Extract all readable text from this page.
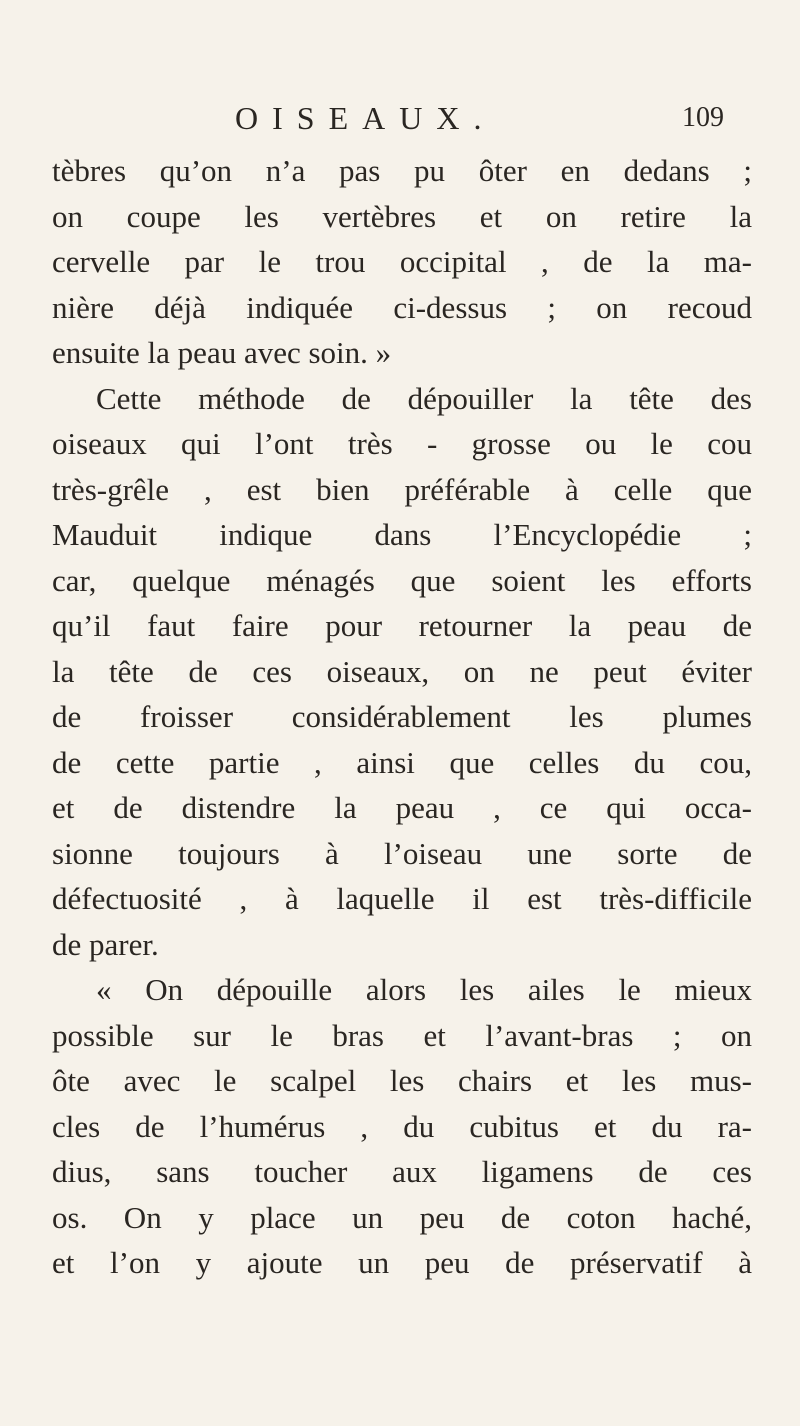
OISEAUX.	109
tèbres qu’on n’a pas pu ôter en dedans ;
on coupe les vertèbres et on retire la
cervelle par le trou occipital , de la ma-
nière déjà indiquée ci-dessus ; on recoud
ensuite la peau avec soin. »
Cette méthode de dépouiller la tête des
oiseaux qui l’ont très - grosse ou le cou
très-grêle , est bien préférable à celle que
Mauduit indique dans l’Encyclopédie ;
car, quelque ménagés que soient les efforts
qu’il faut faire pour retourner la peau de
la tête de ces oiseaux, on ne peut éviter
de froisser considérablement les plumes
de cette partie , ainsi que celles du cou,
et de distendre la peau , ce qui occa-
sionne toujours à l’oiseau une sorte de
défectuosité , à laquelle il est très-difficile
de parer.
« On dépouille alors les ailes le mieux
possible sur le bras et l’avant-bras ; on
ôte avec le scalpel les chairs et les mus-
cles de l’humérus , du cubitus et du ra-
dius, sans toucher aux ligamens de ces
os. On y place un peu de coton haché,
et l’on y ajoute un peu de préservatif à
